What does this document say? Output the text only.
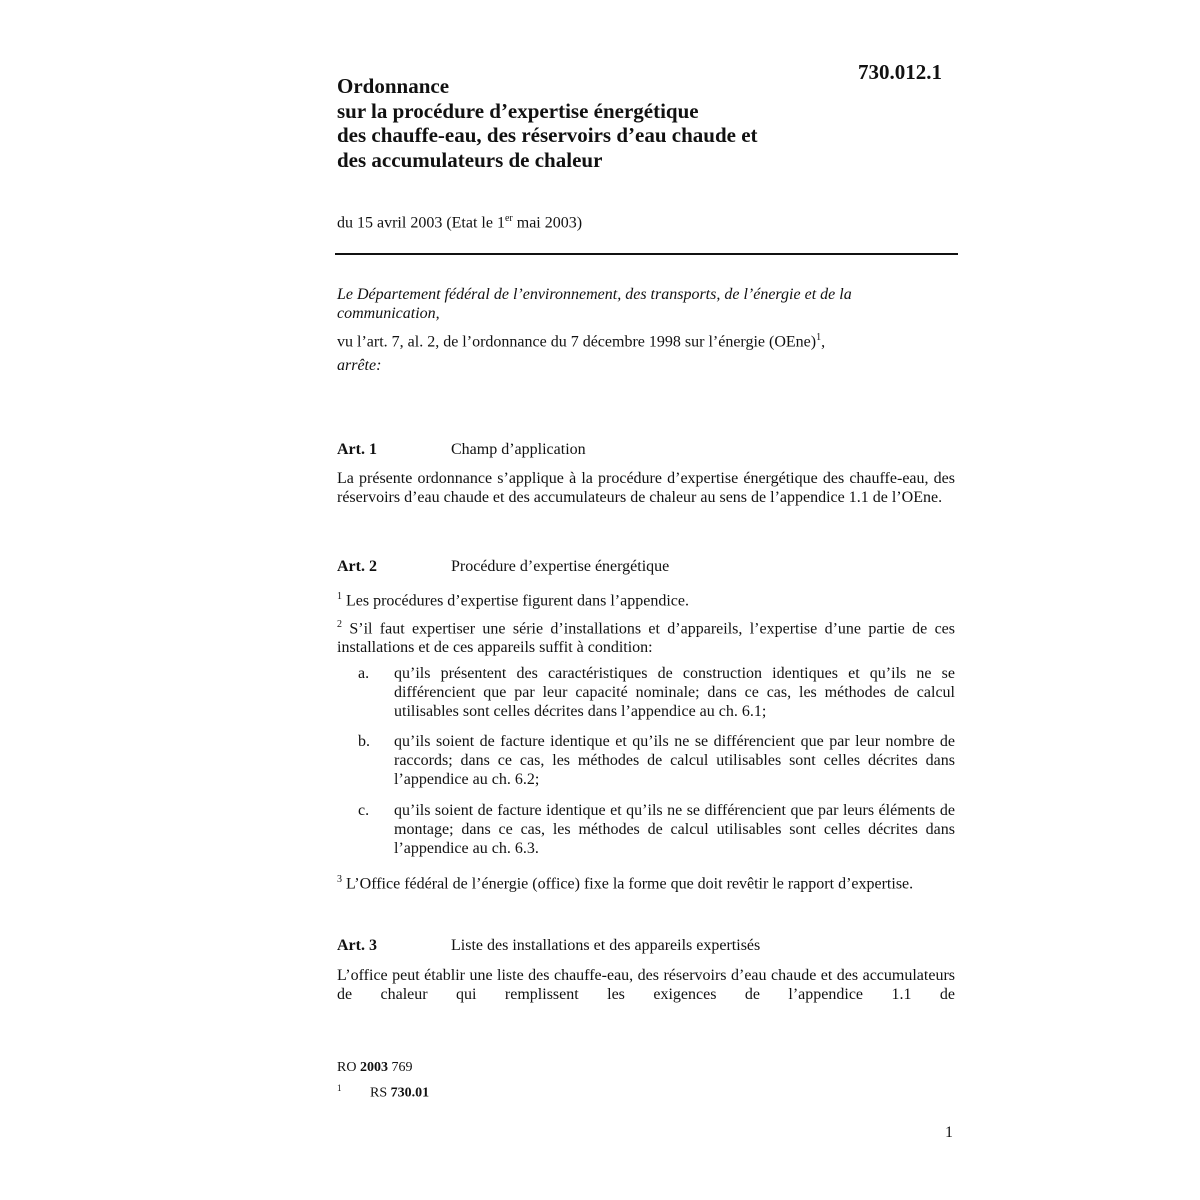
730.012.1
Ordonnance
sur la procédure d’expertise énergétique
des chauffe-eau, des réservoirs d’eau chaude et
des accumulateurs de chaleur
du 15 avril 2003 (Etat le 1er mai 2003)
Le Département fédéral de l’environnement, des transports, de l’énergie et de la communication,
vu l’art. 7, al. 2, de l’ordonnance du 7 décembre 1998 sur l’énergie (OEne)$^1$,
arrête:
Art. 1	Champ d’application
La présente ordonnance s’applique à la procédure d’expertise énergétique des chauffe-eau, des réservoirs d’eau chaude et des accumulateurs de chaleur au sens de l’appendice 1.1 de l’OEne.
Art. 2	Procédure d’expertise énergétique
$^1$ Les procédures d’expertise figurent dans l’appendice.
$^2$ S’il faut expertiser une série d’installations et d’appareils, l’expertise d’une partie de ces installations et de ces appareils suffit à condition:
a. qu’ils présentent des caractéristiques de construction identiques et qu’ils ne se différencient que par leur capacité nominale; dans ce cas, les méthodes de calcul utilisables sont celles décrites dans l’appendice au ch. 6.1;
b. qu’ils soient de facture identique et qu’ils ne se différencient que par leur nombre de raccords; dans ce cas, les méthodes de calcul utilisables sont celles décrites dans l’appendice au ch. 6.2;
c. qu’ils soient de facture identique et qu’ils ne se différencient que par leurs éléments de montage; dans ce cas, les méthodes de calcul utilisables sont celles décrites dans l’appendice au ch. 6.3.
$^3$ L’Office fédéral de l’énergie (office) fixe la forme que doit revêtir le rapport d’expertise.
Art. 3	Liste des installations et des appareils expertisés
L’office peut établir une liste des chauffe-eau, des réservoirs d’eau chaude et des accumulateurs de chaleur qui remplissent les exigences de l’appendice 1.1 de
RO 2003 769
$^1$ RS 730.01
1
